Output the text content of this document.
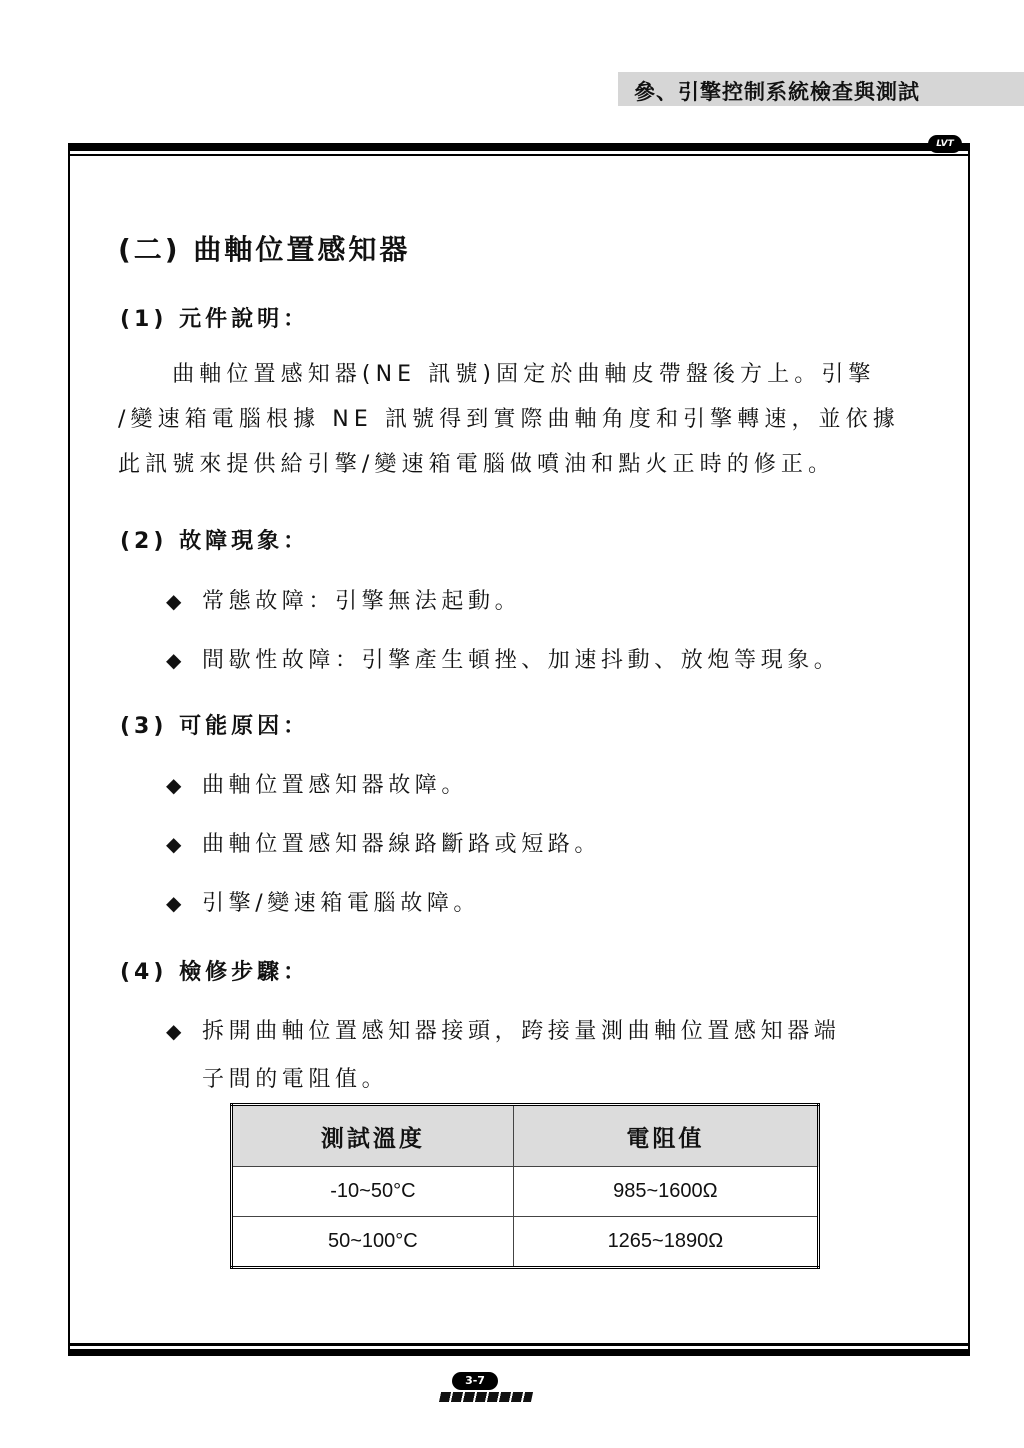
參、引擎控制系統檢查與測試
LVT
(二) 曲軸位置感知器
(1) 元件說明：
　　曲軸位置感知器(NE 訊號)固定於曲軸皮帶盤後方上。引擎
/變速箱電腦根據 NE 訊號得到實際曲軸角度和引擎轉速，並依據
此訊號來提供給引擎/變速箱電腦做噴油和點火正時的修正。
(2) 故障現象：
◆ 常態故障：引擎無法起動。
◆ 間歇性故障：引擎產生頓挫、加速抖動、放炮等現象。
(3) 可能原因：
◆ 曲軸位置感知器故障。
◆ 曲軸位置感知器線路斷路或短路。
◆ 引擎/變速箱電腦故障。
(4) 檢修步驟：
◆ 拆開曲軸位置感知器接頭，跨接量測曲軸位置感知器端
子間的電阻值。
測試溫度	電阻值
-10~50°C	985~1600Ω
50~100°C	1265~1890Ω
3-7
